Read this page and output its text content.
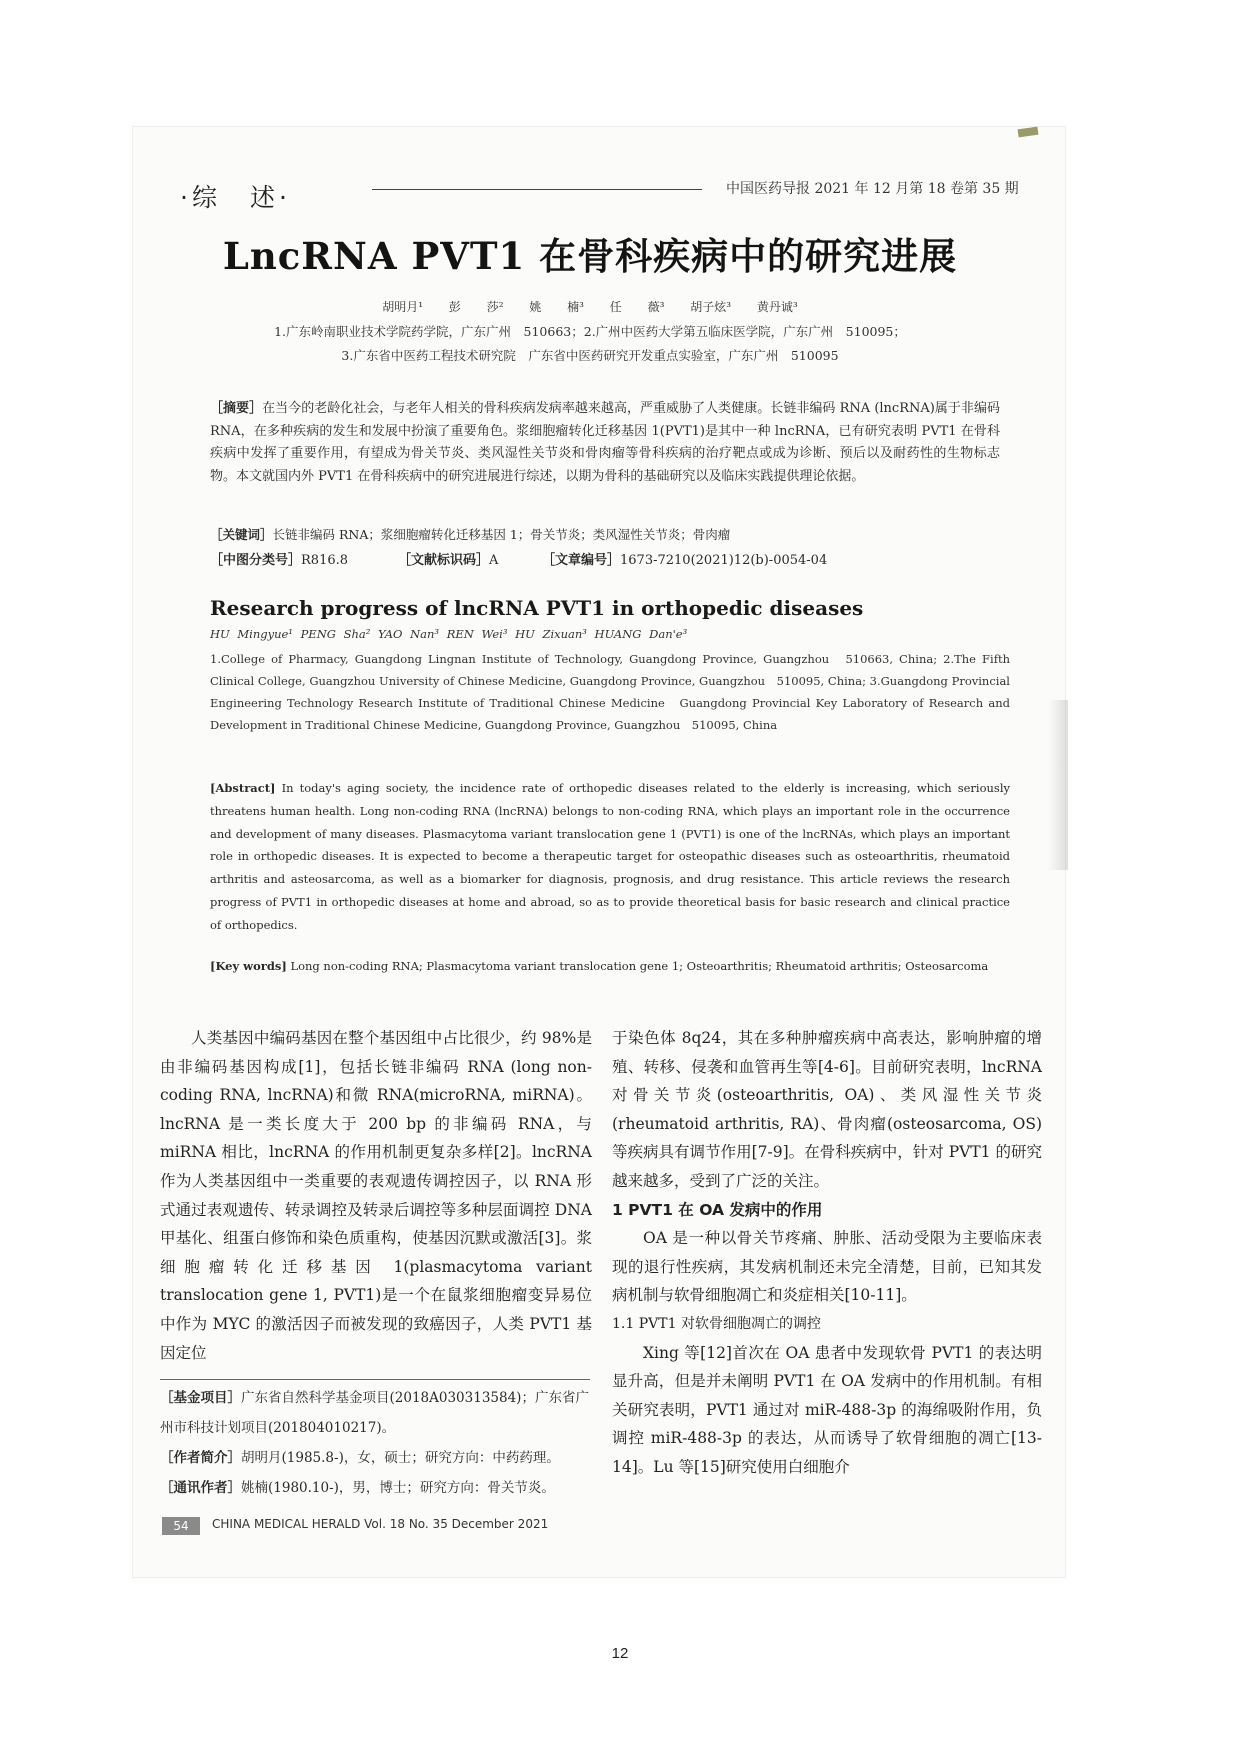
·综　述·	中国医药导报 2021 年 12 月第 18 卷第 35 期
LncRNA PVT1 在骨科疾病中的研究进展
胡明月¹ 彭 莎² 姚 楠³ 任 薇³ 胡子炫³ 黄丹诚³
1.广东岭南职业技术学院药学院，广东广州　510663；2.广州中医药大学第五临床医学院，广东广州　510095；
3.广东省中医药工程技术研究院　广东省中医药研究开发重点实验室，广东广州　510095
［摘要］在当今的老龄化社会，与老年人相关的骨科疾病发病率越来越高，严重威胁了人类健康。长链非编码 RNA (lncRNA)属于非编码 RNA，在多种疾病的发生和发展中扮演了重要角色。浆细胞瘤转化迁移基因 1(PVT1)是其中一种 lncRNA，已有研究表明 PVT1 在骨科疾病中发挥了重要作用，有望成为骨关节炎、类风湿性关节炎和骨肉瘤等骨科疾病的治疗靶点或成为诊断、预后以及耐药性的生物标志物。本文就国内外 PVT1 在骨科疾病中的研究进展进行综述，以期为骨科的基础研究以及临床实践提供理论依据。
［关键词］长链非编码 RNA；浆细胞瘤转化迁移基因 1；骨关节炎；类风湿性关节炎；骨肉瘤
［中图分类号］R816.8	［文献标识码］A	［文章编号］1673-7210(2021)12(b)-0054-04
Research progress of lncRNA PVT1 in orthopedic diseases
HU Mingyue¹ PENG Sha² YAO Nan³ REN Wei³ HU Zixuan³ HUANG Dan'e³
1.College of Pharmacy, Guangdong Lingnan Institute of Technology, Guangdong Province, Guangzhou　510663, China; 2.The Fifth Clinical College, Guangzhou University of Chinese Medicine, Guangdong Province, Guangzhou　510095, China; 3.Guangdong Provincial Engineering Technology Research Institute of Traditional Chinese Medicine　Guangdong Provincial Key Laboratory of Research and Development in Traditional Chinese Medicine, Guangdong Province, Guangzhou　510095, China
[Abstract] In today's aging society, the incidence rate of orthopedic diseases related to the elderly is increasing, which seriously threatens human health. Long non-coding RNA (lncRNA) belongs to non-coding RNA, which plays an important role in the occurrence and development of many diseases. Plasmacytoma variant translocation gene 1 (PVT1) is one of the lncRNAs, which plays an important role in orthopedic diseases. It is expected to become a therapeutic target for osteopathic diseases such as osteoarthritis, rheumatoid arthritis and asteosarcoma, as well as a biomarker for diagnosis, prognosis, and drug resistance. This article reviews the research progress of PVT1 in orthopedic diseases at home and abroad, so as to provide theoretical basis for basic research and clinical practice of orthopedics.
[Key words] Long non-coding RNA; Plasmacytoma variant translocation gene 1; Osteoarthritis; Rheumatoid arthritis; Osteosarcoma
人类基因中编码基因在整个基因组中占比很少，约 98%是由非编码基因构成[1]，包括长链非编码 RNA (long non-coding RNA, lncRNA)和微 RNA(microRNA, miRNA)。lncRNA 是一类长度大于 200 bp 的非编码 RNA，与 miRNA 相比，lncRNA 的作用机制更复杂多样[2]。lncRNA 作为人类基因组中一类重要的表观遗传调控因子，以 RNA 形式通过表观遗传、转录调控及转录后调控等多种层面调控 DNA 甲基化、组蛋白修饰和染色质重构，使基因沉默或激活[3]。浆细胞瘤转化迁移基因 1(plasmacytoma variant translocation gene 1, PVT1)是一个在鼠浆细胞瘤变异易位中作为 MYC 的激活因子而被发现的致癌因子，人类 PVT1 基因定位
于染色体 8q24，其在多种肿瘤疾病中高表达，影响肿瘤的增殖、转移、侵袭和血管再生等[4-6]。目前研究表明，lncRNA 对骨关节炎(osteoarthritis, OA)、类风湿性关节炎(rheumatoid arthritis, RA)、骨肉瘤(osteosarcoma, OS)等疾病具有调节作用[7-9]。在骨科疾病中，针对 PVT1 的研究越来越多，受到了广泛的关注。
1 PVT1 在 OA 发病中的作用
OA 是一种以骨关节疼痛、肿胀、活动受限为主要临床表现的退行性疾病，其发病机制还未完全清楚，目前，已知其发病机制与软骨细胞凋亡和炎症相关[10-11]。
1.1 PVT1 对软骨细胞凋亡的调控
Xing 等[12]首次在 OA 患者中发现软骨 PVT1 的表达明显升高，但是并未阐明 PVT1 在 OA 发病中的作用机制。有相关研究表明，PVT1 通过对 miR-488-3p 的海绵吸附作用，负调控 miR-488-3p 的表达，从而诱导了软骨细胞的凋亡[13-14]。Lu 等[15]研究使用白细胞介
［基金项目］广东省自然科学基金项目(2018A030313584)；广东省广州市科技计划项目(201804010217)。
［作者简介］胡明月(1985.8-)，女，硕士；研究方向：中药药理。
［通讯作者］姚楠(1980.10-)，男，博士；研究方向：骨关节炎。
54	CHINA MEDICAL HERALD Vol. 18 No. 35 December 2021
12
